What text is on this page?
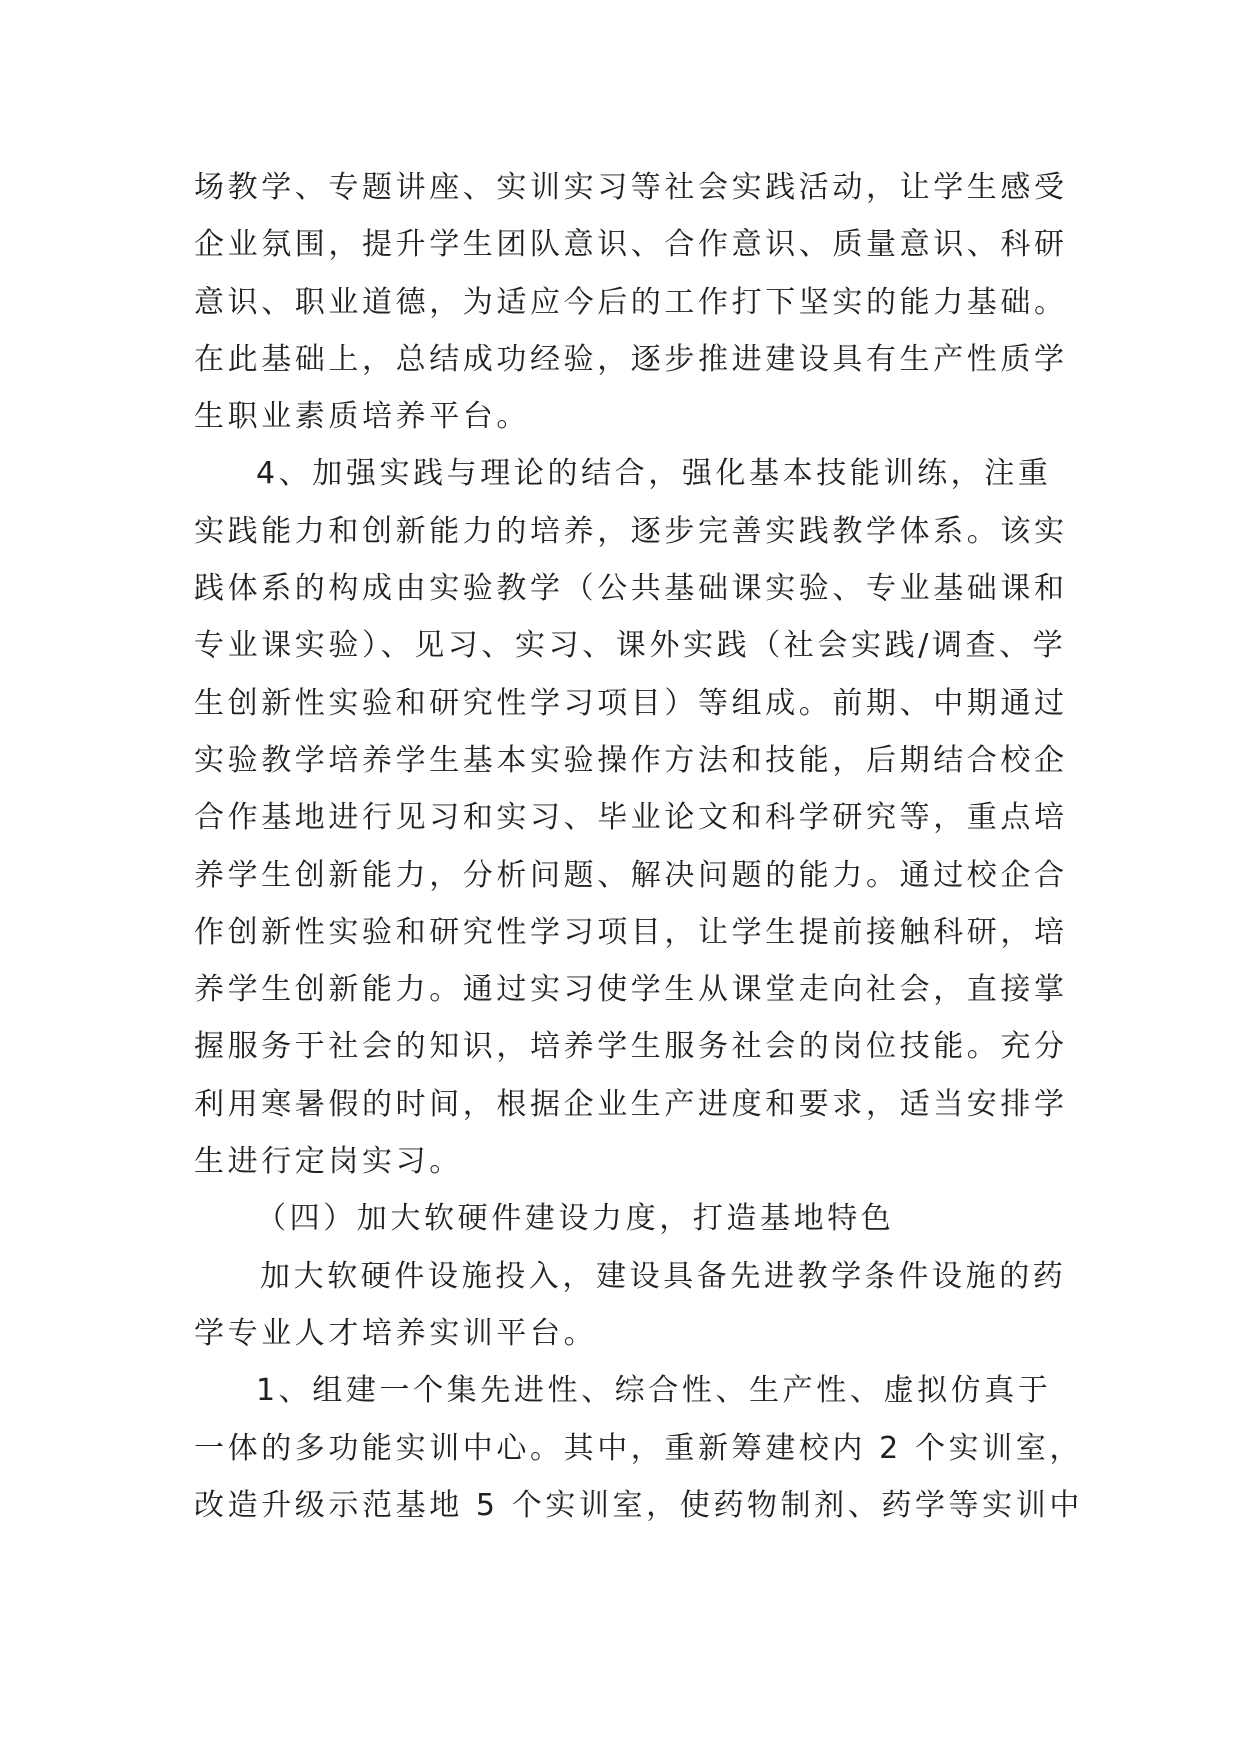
场教学、专题讲座、实训实习等社会实践活动，让学生感受
企业氛围，提升学生团队意识、合作意识、质量意识、科研
意识、职业道德，为适应今后的工作打下坚实的能力基础。
在此基础上，总结成功经验，逐步推进建设具有生产性质学
生职业素质培养平台。
4、加强实践与理论的结合，强化基本技能训练，注重
实践能力和创新能力的培养，逐步完善实践教学体系。该实
践体系的构成由实验教学（公共基础课实验、专业基础课和
专业课实验）、见习、实习、课外实践（社会实践/调查、学
生创新性实验和研究性学习项目）等组成。前期、中期通过
实验教学培养学生基本实验操作方法和技能，后期结合校企
合作基地进行见习和实习、毕业论文和科学研究等，重点培
养学生创新能力，分析问题、解决问题的能力。通过校企合
作创新性实验和研究性学习项目，让学生提前接触科研，培
养学生创新能力。通过实习使学生从课堂走向社会，直接掌
握服务于社会的知识，培养学生服务社会的岗位技能。充分
利用寒暑假的时间，根据企业生产进度和要求，适当安排学
生进行定岗实习。
（四）加大软硬件建设力度，打造基地特色
加大软硬件设施投入，建设具备先进教学条件设施的药
学专业人才培养实训平台。
1、组建一个集先进性、综合性、生产性、虚拟仿真于
一体的多功能实训中心。其中，重新筹建校内 2 个实训室，
改造升级示范基地 5 个实训室，使药物制剂、药学等实训中
